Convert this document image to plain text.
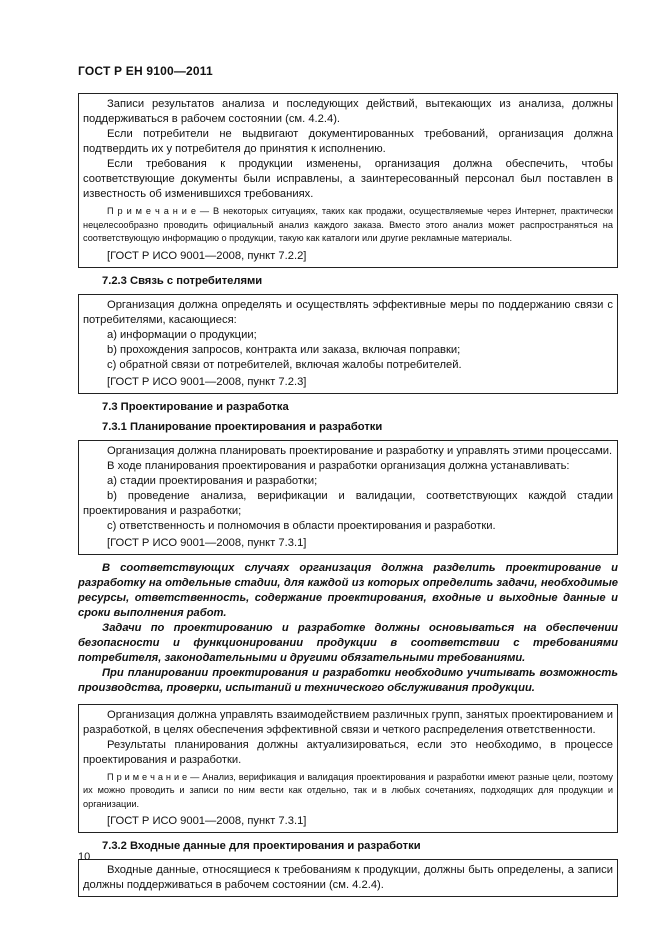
ГОСТ Р ЕН 9100—2011

Записи результатов анализа и последующих действий, вытекающих из анализа, должны поддерживаться в рабочем состоянии (см. 4.2.4).

Если потребители не выдвигают документированных требований, организация должна подтвердить их у потребителя до принятия к исполнению.

Если требования к продукции изменены, организация должна обеспечить, чтобы соответствующие документы были исправлены, а заинтересованный персонал был поставлен в известность об изменившихся требованиях.

П р и м е ч а н и е — В некоторых ситуациях, таких как продажи, осуществляемые через Интернет, практически нецелесообразно проводить официальный анализ каждого заказа. Вместо этого анализ может распространяться на соответствующую информацию о продукции, такую как каталоги или другие рекламные материалы.

[ГОСТ Р ИСО 9001—2008, пункт 7.2.2]

7.2.3 Связь с потребителями

Организация должна определять и осуществлять эффективные меры по поддержанию связи с потребителями, касающиеся:

a) информации о продукции;

b) прохождения запросов, контракта или заказа, включая поправки;

c) обратной связи от потребителей, включая жалобы потребителей.

[ГОСТ Р ИСО 9001—2008, пункт 7.2.3]

7.3 Проектирование и разработка
7.3.1 Планирование проектирования и разработки

Организация должна планировать проектирование и разработку и управлять этими процессами.

В ходе планирования проектирования и разработки организация должна устанавливать:

а) стадии проектирования и разработки;

b) проведение анализа, верификации и валидации, соответствующих каждой стадии проектирования и разработки;

c) ответственность и полномочия в области проектирования и разработки.

[ГОСТ Р ИСО 9001—2008, пункт 7.3.1]

В соответствующих случаях организация должна разделить проектирование и разработку на отдельные стадии, для каждой из которых определить задачи, необходимые ресурсы, ответственность, содержание проектирования, входные и выходные данные и сроки выполнения работ.

Задачи по проектированию и разработке должны основываться на обеспечении безопасности и функционировании продукции в соответствии с требованиями потребителя, законодательными и другими обязательными требованиями.

При планировании проектирования и разработки необходимо учитывать возможность производства, проверки, испытаний и технического обслуживания продукции.

Организация должна управлять взаимодействием различных групп, занятых проектированием и разработкой, в целях обеспечения эффективной связи и четкого распределения ответственности.

Результаты планирования должны актуализироваться, если это необходимо, в процессе проектирования и разработки.

П р и м е ч а н и е — Анализ, верификация и валидация проектирования и разработки имеют разные цели, поэтому их можно проводить и записи по ним вести как отдельно, так и в любых сочетаниях, подходящих для продукции и организации.

[ГОСТ Р ИСО 9001—2008, пункт 7.3.1]

7.3.2 Входные данные для проектирования и разработки

Входные данные, относящиеся к требованиям к продукции, должны быть определены, а записи должны поддерживаться в рабочем состоянии (см. 4.2.4).

10
